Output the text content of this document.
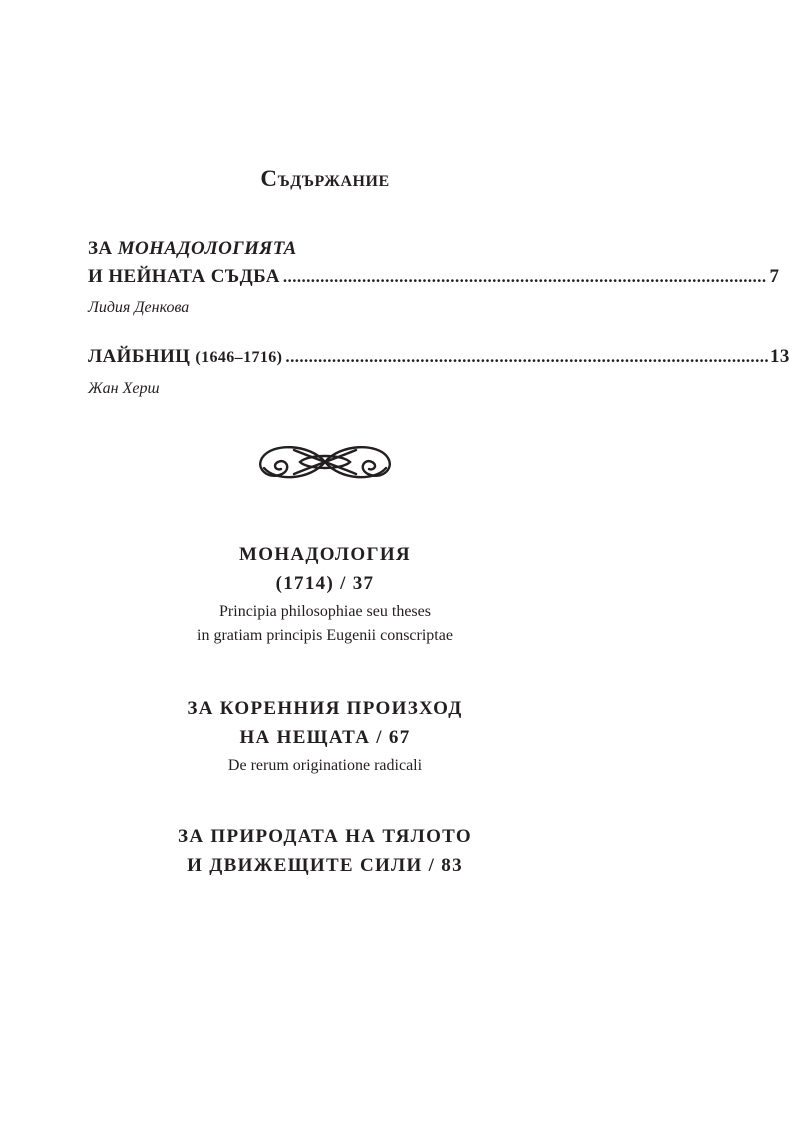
Съдържание
ЗА МОНАДОЛОГИЯТА
И НЕЙНАТА СЪДБА ........................................................................................................ 7
Лидия Денкова
ЛАЙБНИЦ (1646–1716) ........................................................................................................ 13
Жан Херш
МОНАДОЛОГИЯ
(1714) / 37
Principia philosophiae seu theses
in gratiam principis Eugenii conscriptae
ЗА КОРЕННИЯ ПРОИЗХОД
НА НЕЩАТА / 67
De rerum originatione radicali
ЗА ПРИРОДАТА НА ТЯЛОТО
И ДВИЖЕЩИТЕ СИЛИ / 83
